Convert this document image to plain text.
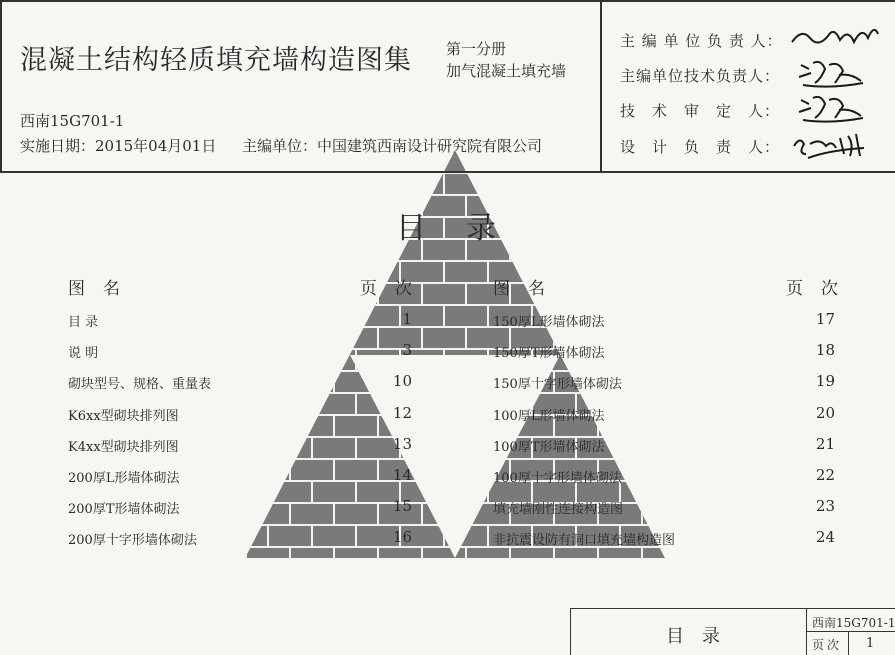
混凝土结构轻质填充墙构造图集 第一分册
加气混凝土填充墙
西南15G701-1
实施日期：2015年04月01日 主编单位：中国建筑西南设计研究院有限公司
主 编 单 位 负 责 人：
主编单位技术负责人：
技　术　审　定　人：
设　计　负　责　人：
目录
图名	页次	图名	页次
目 录	1
说 明	3
砌块型号、规格、重量表	10
K6xx型砌块排列图	12
K4xx型砌块排列图	13
200厚L形墙体砌法	14
200厚T形墙体砌法	15
200厚十字形墙体砌法	16
150厚L形墙体砌法	17
150厚T形墙体砌法	18
150厚十字形墙体砌法	19
100厚L形墙体砌法	20
100厚T形墙体砌法	21
100厚十字形墙体砌法	22
填充墙刚性连接构造图	23
非抗震设防有洞口填充墙构造图	24
目录
西南15G701-1
页次 1
